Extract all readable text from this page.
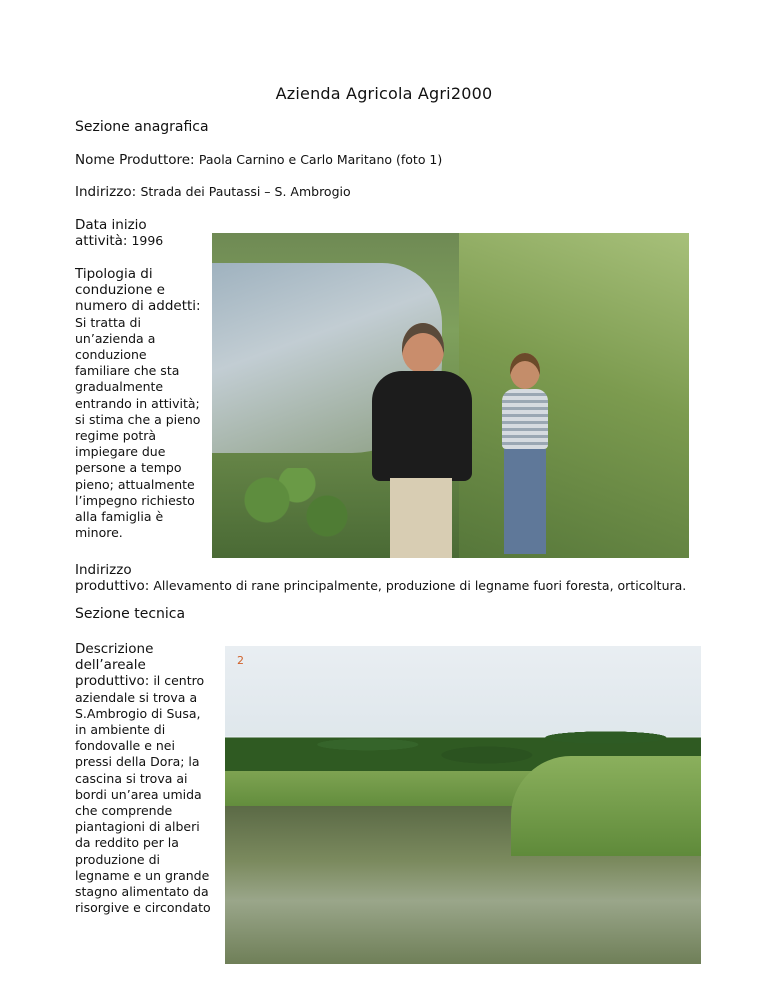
Azienda Agricola Agri2000
Sezione anagrafica
Nome Produttore: Paola Carnino e Carlo Maritano (foto 1)
Indirizzo: Strada dei Pautassi – S. Ambrogio
Data inizio
attività: 1996
Tipologia di
conduzione e
numero di addetti:
Si tratta di
un’azienda a
conduzione
familiare che sta
gradualmente
entrando in attività;
si stima che a pieno
regime potrà
impiegare due
persone a tempo
pieno; attualmente
l’impegno richiesto
alla famiglia è
minore.
Indirizzo
produttivo: Allevamento di rane principalmente, produzione di legname fuori foresta, orticoltura.
Sezione tecnica
Descrizione
dell’areale
produttivo: il centro
aziendale si trova a
S.Ambrogio di Susa,
in ambiente di
fondovalle e nei
pressi della Dora; la
cascina si trova ai
bordi un’area umida
che comprende
piantagioni di alberi
da reddito per la
produzione di
legname e un grande
stagno alimentato da
risorgive e circondato
2
